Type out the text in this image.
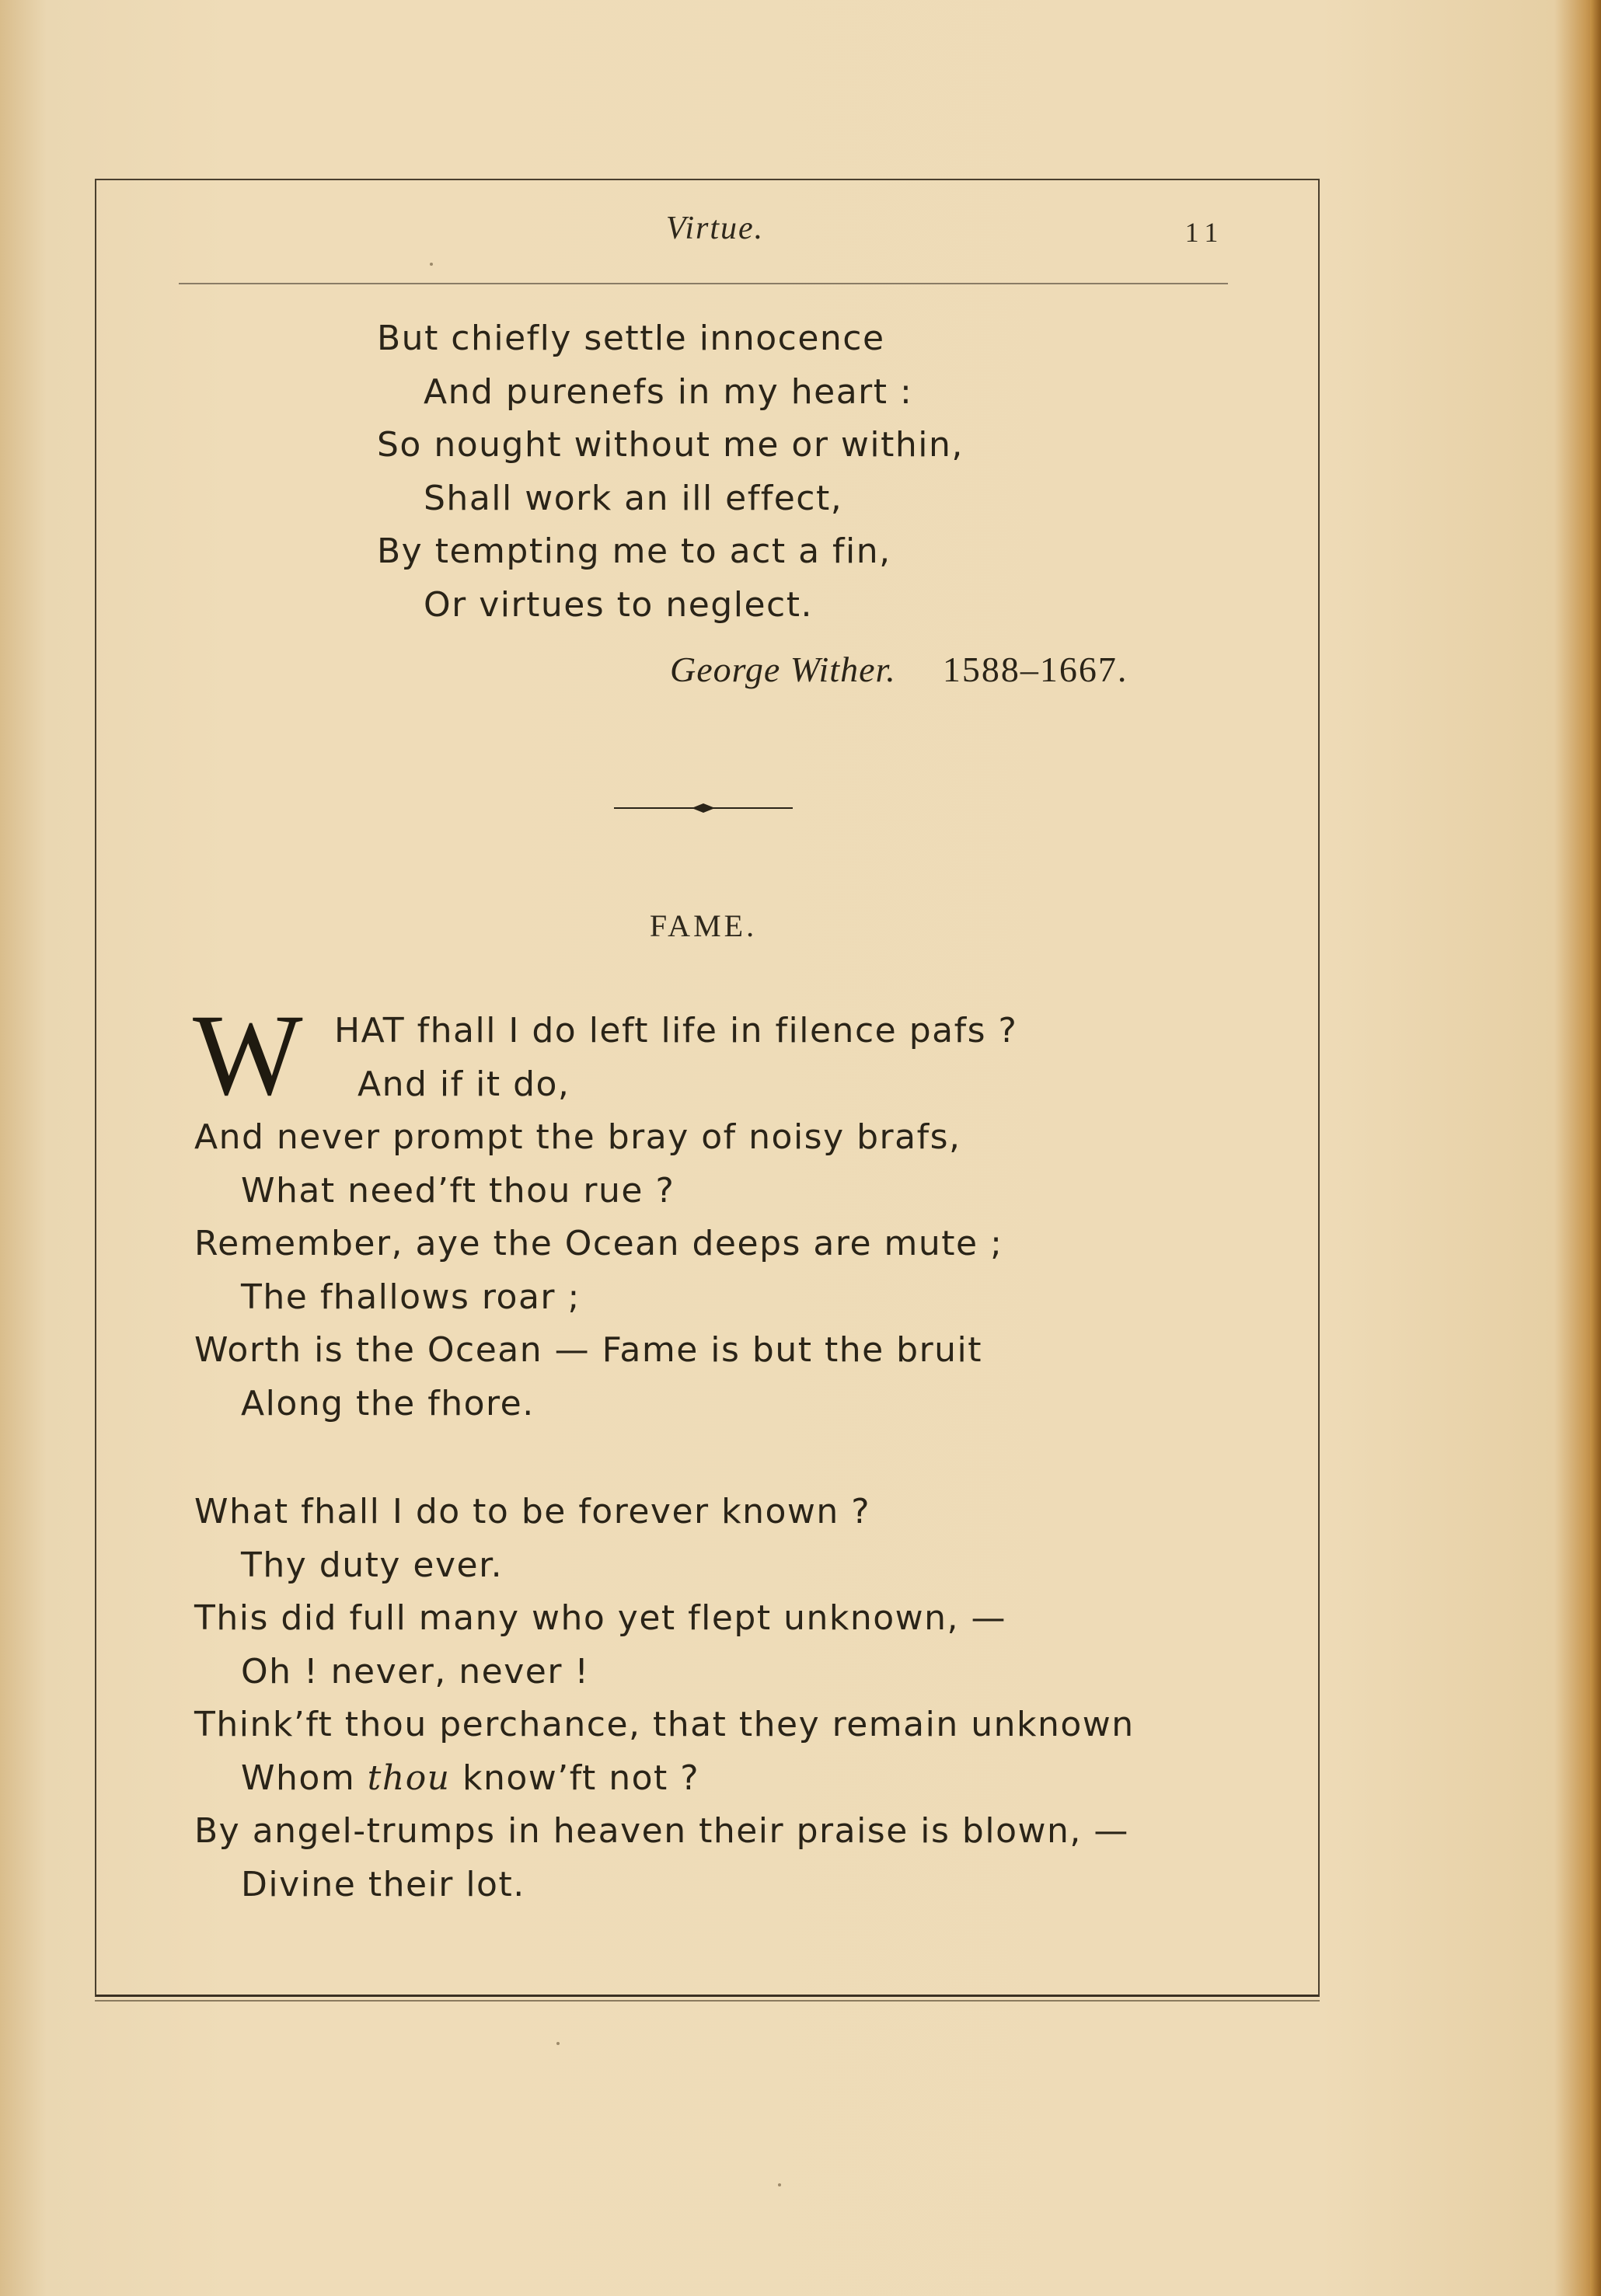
Virtue.	11
But chiefly settle innocence
And purenefs in my heart :
So nought without me or within,
Shall work an ill effect,
By tempting me to act a fin,
Or virtues to neglect.
George Wither. 1588–1667.
FAME.
W HAT fhall I do left life in filence pafs ?
And if it do,
And never prompt the bray of noisy brafs,
What need’ft thou rue ?
Remember, aye the Ocean deeps are mute ;
The fhallows roar ;
Worth is the Ocean — Fame is but the bruit
Along the fhore.
What fhall I do to be forever known ?
Thy duty ever.
This did full many who yet flept unknown, —
Oh ! never, never !
Think’ft thou perchance, that they remain unknown
Whom thou know’ft not ?
By angel-trumps in heaven their praise is blown, —
Divine their lot.
